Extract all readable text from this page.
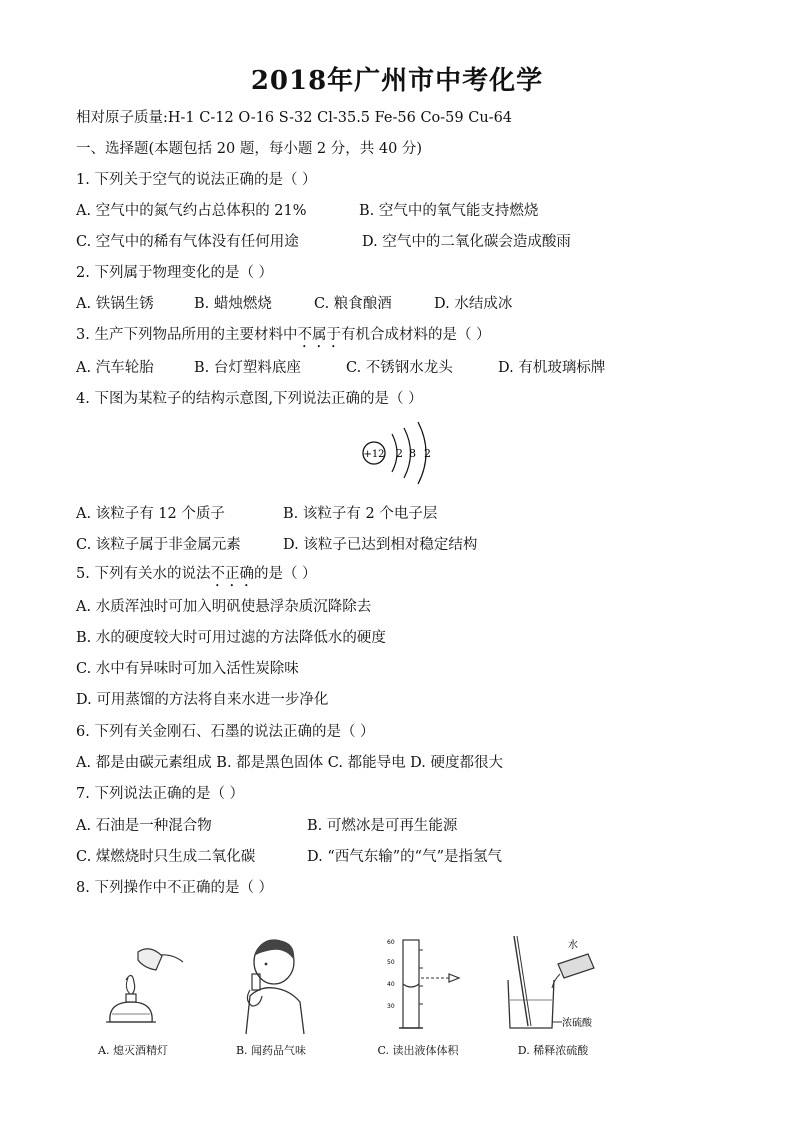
2018年广州市中考化学
相对原子质量:H-1 C-12 O-16 S-32 Cl-35.5 Fe-56 Co-59 Cu-64
一、选择题(本题包括 20 题，每小题 2 分，共 40 分)
1. 下列关于空气的说法正确的是（ ）
A. 空气中的氮气约占总体积的 21%	B. 空气中的氧气能支持燃烧
C. 空气中的稀有气体没有任何用途	D. 空气中的二氧化碳会造成酸雨
2. 下列属于物理变化的是（ ）
A. 铁锅生锈	B. 蜡烛燃烧	C. 粮食酿酒	D. 水结成冰
3. 生产下列物品所用的主要材料中不属于有机合成材料的是（ ）
A. 汽车轮胎	B. 台灯塑料底座	C. 不锈钢水龙头	D. 有机玻璃标牌
4. 下图为某粒子的结构示意图,下列说法正确的是（ ）
+12 2 8 2
A. 该粒子有 12 个质子	B. 该粒子有 2 个电子层
C. 该粒子属于非金属元素	D. 该粒子已达到相对稳定结构
5. 下列有关水的说法不正确的是（ ）
A. 水质浑浊时可加入明矾使悬浮杂质沉降除去
B. 水的硬度较大时可用过滤的方法降低水的硬度
C. 水中有异味时可加入活性炭除味
D. 可用蒸馏的方法将自来水进一步净化
6. 下列有关金刚石、石墨的说法正确的是（ ）
A. 都是由碳元素组成 B. 都是黑色固体 C. 都能导电 D. 硬度都很大
7. 下列说法正确的是（ ）
A. 石油是一种混合物	B. 可燃冰是可再生能源
C. 煤燃烧时只生成二氧化碳	D. “西气东输”的“气”是指氢气
8. 下列操作中不正确的是（ ）
A. 熄灭酒精灯	B. 闻药品气味
60
50
40
30
C. 读出液体体积
水
浓硫酸
D. 稀释浓硫酸
